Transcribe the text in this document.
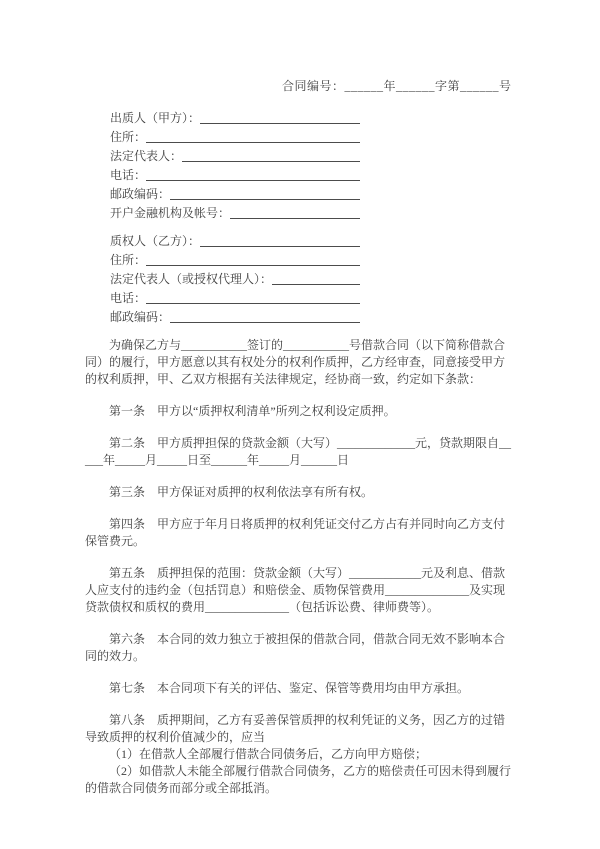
合同编号：______年______字第______号
出质人（甲方）：
住所：
法定代表人：
电话：
邮政编码：
开户金融机构及帐号：
质权人（乙方）：
住所：
法定代表人（或授权代理人）：
电话：
邮政编码：

为确保乙方与___________签订的___________号借款合同（以下简称借款合同）的履行，甲方愿意以其有权处分的权利作质押，乙方经审查，同意接受甲方的权利质押，甲、乙双方根据有关法律规定，经协商一致，约定如下条款：

第一条 甲方以“质押权利清单”所列之权利设定质押。

第二条 甲方质押担保的贷款金额（大写）_____________元，贷款期限自_____年_____月_____日至______年_____月______日

第三条 甲方保证对质押的权利依法享有所有权。

第四条 甲方应于年月日将质押的权利凭证交付乙方占有并同时向乙方支付保管费元。

第五条 质押担保的范围：贷款金额（大写）____________元及利息、借款人应支付的违约金（包括罚息）和赔偿金、质物保管费用______________及实现贷款债权和质权的费用______________（包括诉讼费、律师费等）。

第六条 本合同的效力独立于被担保的借款合同，借款合同无效不影响本合同的效力。

第七条 本合同项下有关的评估、鉴定、保管等费用均由甲方承担。

第八条 质押期间，乙方有妥善保管质押的权利凭证的义务，因乙方的过错导致质押的权利价值减少的，应当

（1）在借款人全部履行借款合同债务后，乙方向甲方赔偿；

（2）如借款人未能全部履行借款合同债务，乙方的赔偿责任可因未得到履行的借款合同债务而部分或全部抵消。
